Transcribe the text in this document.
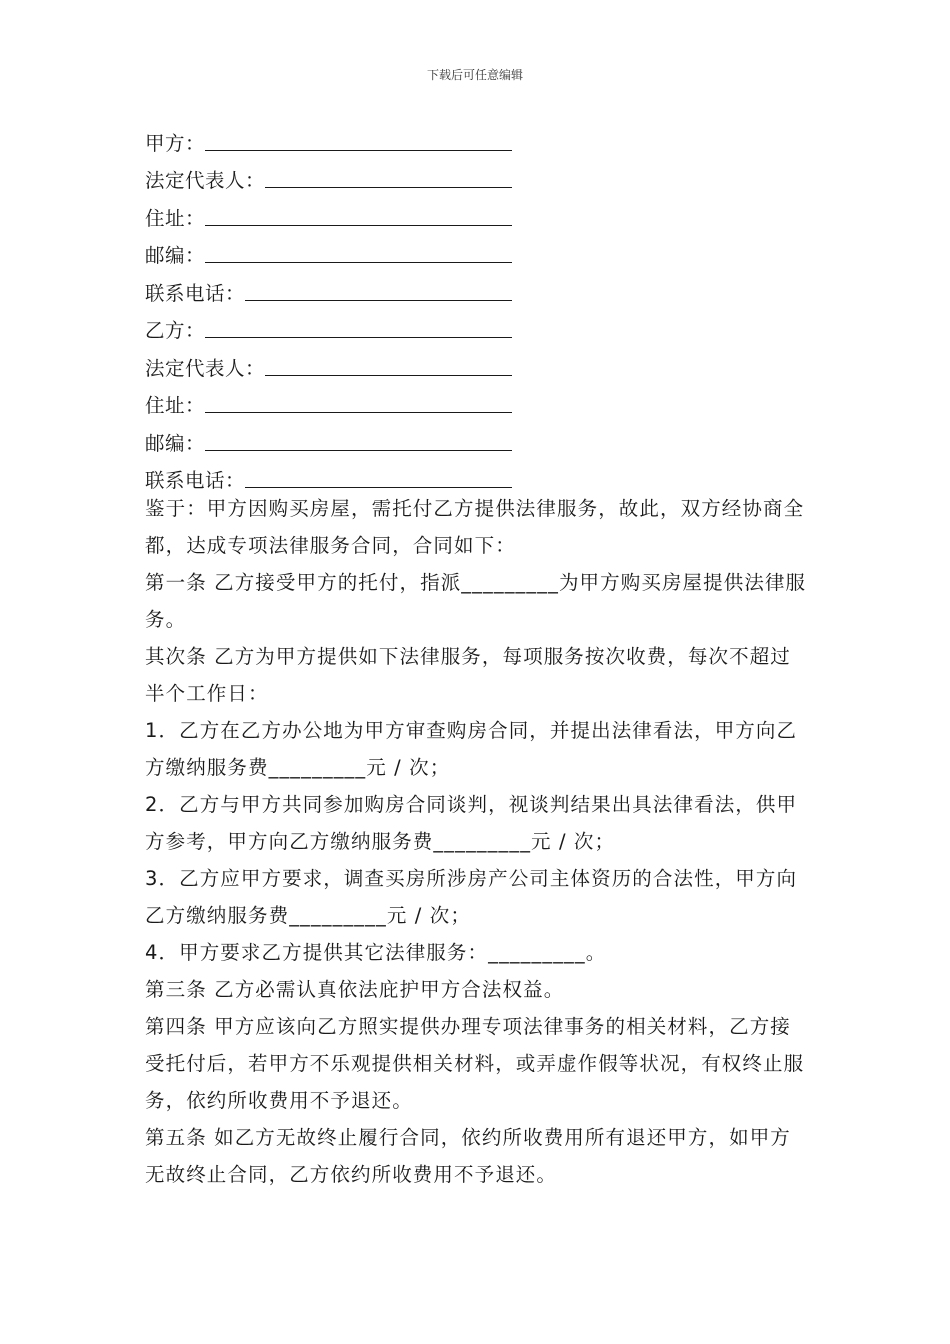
下载后可任意编辑
甲方：
法定代表人：
住址：
邮编：
联系电话：
乙方：
法定代表人：
住址：
邮编：
联系电话：

鉴于：甲方因购买房屋，需托付乙方提供法律服务，故此，双方经协商全都，达成专项法律服务合同，合同如下：

第一条 乙方接受甲方的托付，指派_________为甲方购买房屋提供法律服务。

其次条 乙方为甲方提供如下法律服务，每项服务按次收费，每次不超过半个工作日：

1．乙方在乙方办公地为甲方审查购房合同，并提出法律看法，甲方向乙方缴纳服务费_________元 / 次；

2．乙方与甲方共同参加购房合同谈判，视谈判结果出具法律看法，供甲方参考，甲方向乙方缴纳服务费_________元 / 次；

3．乙方应甲方要求，调查买房所涉房产公司主体资历的合法性，甲方向乙方缴纳服务费_________元 / 次；

4．甲方要求乙方提供其它法律服务：_________。

第三条 乙方必需认真依法庇护甲方合法权益。

第四条 甲方应该向乙方照实提供办理专项法律事务的相关材料，乙方接受托付后，若甲方不乐观提供相关材料，或弄虚作假等状况，有权终止服务，依约所收费用不予退还。

第五条 如乙方无故终止履行合同，依约所收费用所有退还甲方，如甲方无故终止合同，乙方依约所收费用不予退还。
